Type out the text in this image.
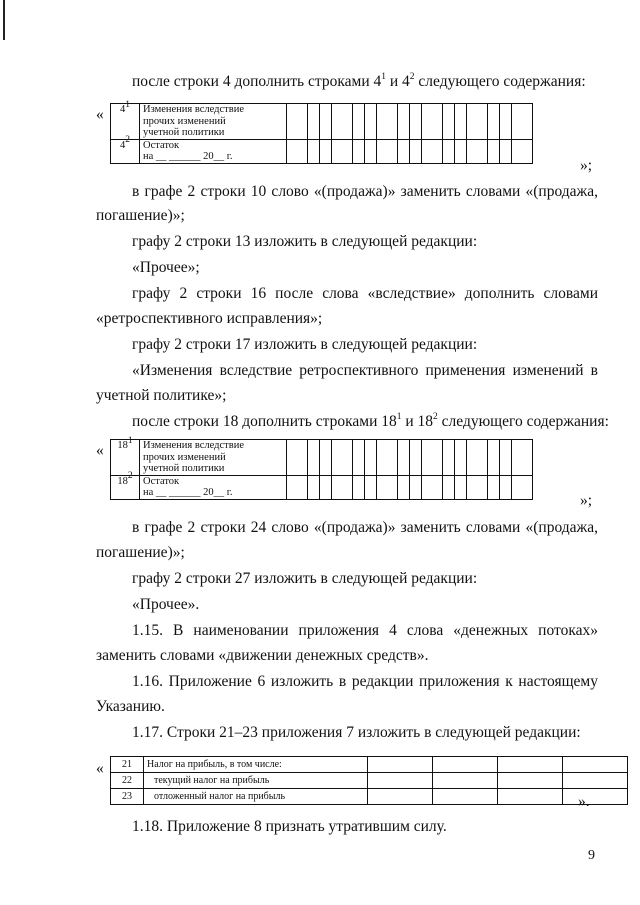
после строки 4 дополнить строками $4^1$ и $4^2$ следующего содержания:
« $4^1$	Изменения вследствие
прочих изменений
учетной политики																

$4^2$	Остаток
на __ ______ 20__ г.																

»;
в графе 2 строки 10 слово «(продажа)» заменить словами «(продажа,
погашение)»;
графу 2 строки 13 изложить в следующей редакции:
«Прочее»;
графу 2 строки 16 после слова «вследствие» дополнить словами
«ретроспективного исправления»;
графу 2 строки 17 изложить в следующей редакции:
«Изменения вследствие ретроспективного применения изменений в
учетной политике»;
после строки 18 дополнить строками $18^1$ и $18^2$ следующего содержания:
« $18^1$	Изменения вследствие
прочих изменений
учетной политики																

$18^2$	Остаток
на __ ______ 20__ г.																
																	»;
в графе 2 строки 24 слово «(продажа)» заменить словами «(продажа,
погашение)»;
графу 2 строки 27 изложить в следующей редакции:
«Прочее».
1.15. В наименовании приложения 4 слова «денежных потоках»
заменить словами «движении денежных средств».
1.16. Приложение 6 изложить в редакции приложения к настоящему
Указанию.
1.17. Строки 21–23 приложения 7 изложить в следующей редакции:
« 21	Налог на прибыль, в том числе:				
22	текущий налог на прибыль				
23	отложенный налог на прибыль					».
1.18. Приложение 8 признать утратившим силу.
9
